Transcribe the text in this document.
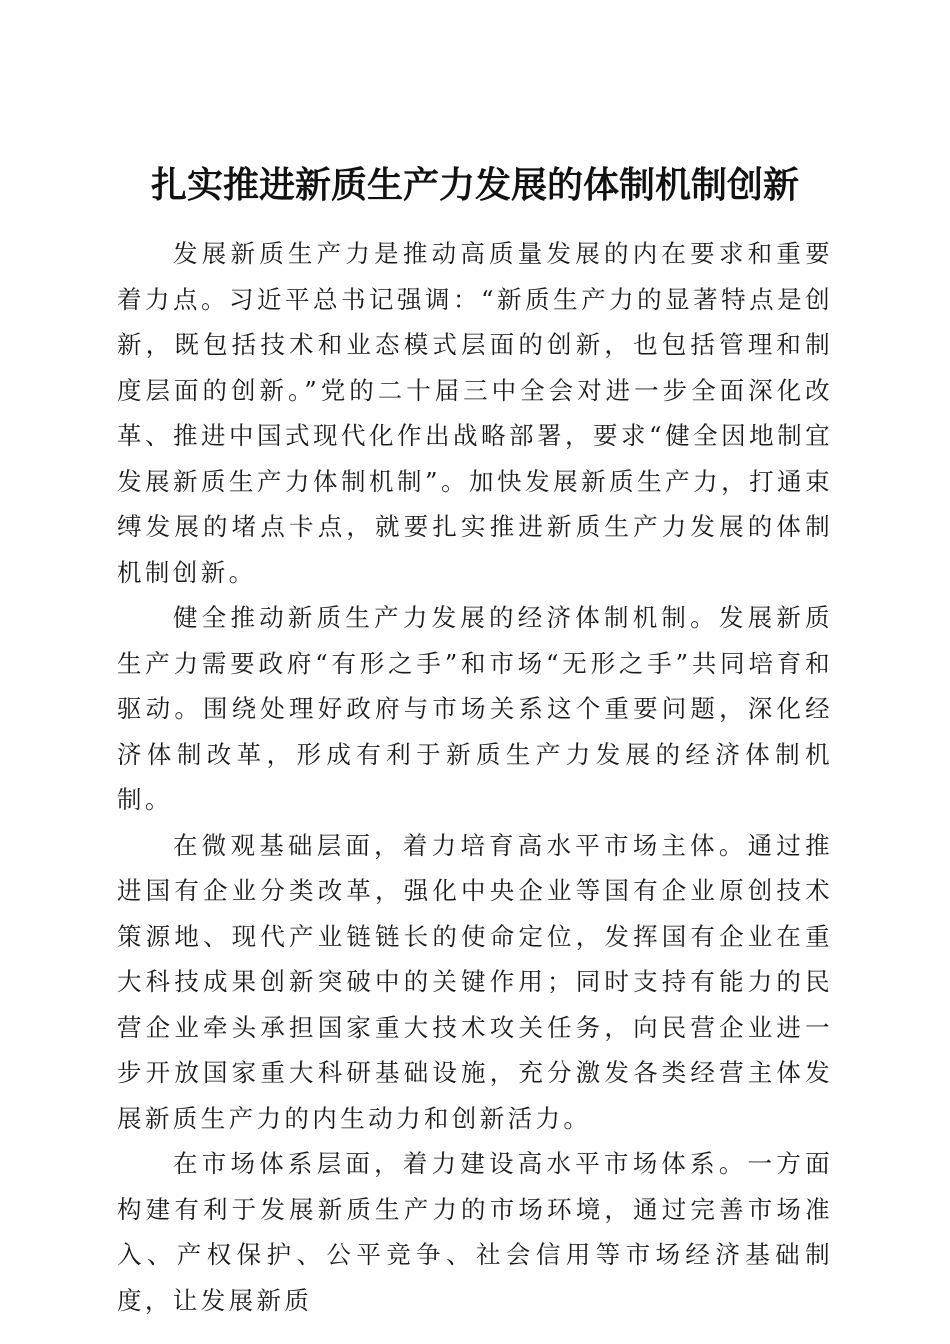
扎实推进新质生产力发展的体制机制创新

发展新质生产力是推动高质量发展的内在要求和重要着力点。习近平总书记强调：“新质生产力的显著特点是创新，既包括技术和业态模式层面的创新，也包括管理和制度层面的创新。”党的二十届三中全会对进一步全面深化改革、推进中国式现代化作出战略部署，要求“健全因地制宜发展新质生产力体制机制”。加快发展新质生产力，打通束缚发展的堵点卡点，就要扎实推进新质生产力发展的体制机制创新。

健全推动新质生产力发展的经济体制机制。发展新质生产力需要政府“有形之手”和市场“无形之手”共同培育和驱动。围绕处理好政府与市场关系这个重要问题，深化经济体制改革，形成有利于新质生产力发展的经济体制机制。

在微观基础层面，着力培育高水平市场主体。通过推进国有企业分类改革，强化中央企业等国有企业原创技术策源地、现代产业链链长的使命定位，发挥国有企业在重大科技成果创新突破中的关键作用；同时支持有能力的民营企业牵头承担国家重大技术攻关任务，向民营企业进一步开放国家重大科研基础设施，充分激发各类经营主体发展新质生产力的内生动力和创新活力。

在市场体系层面，着力建设高水平市场体系。一方面构建有利于发展新质生产力的市场环境，通过完善市场准入、产权保护、公平竞争、社会信用等市场经济基础制度，让发展新质
